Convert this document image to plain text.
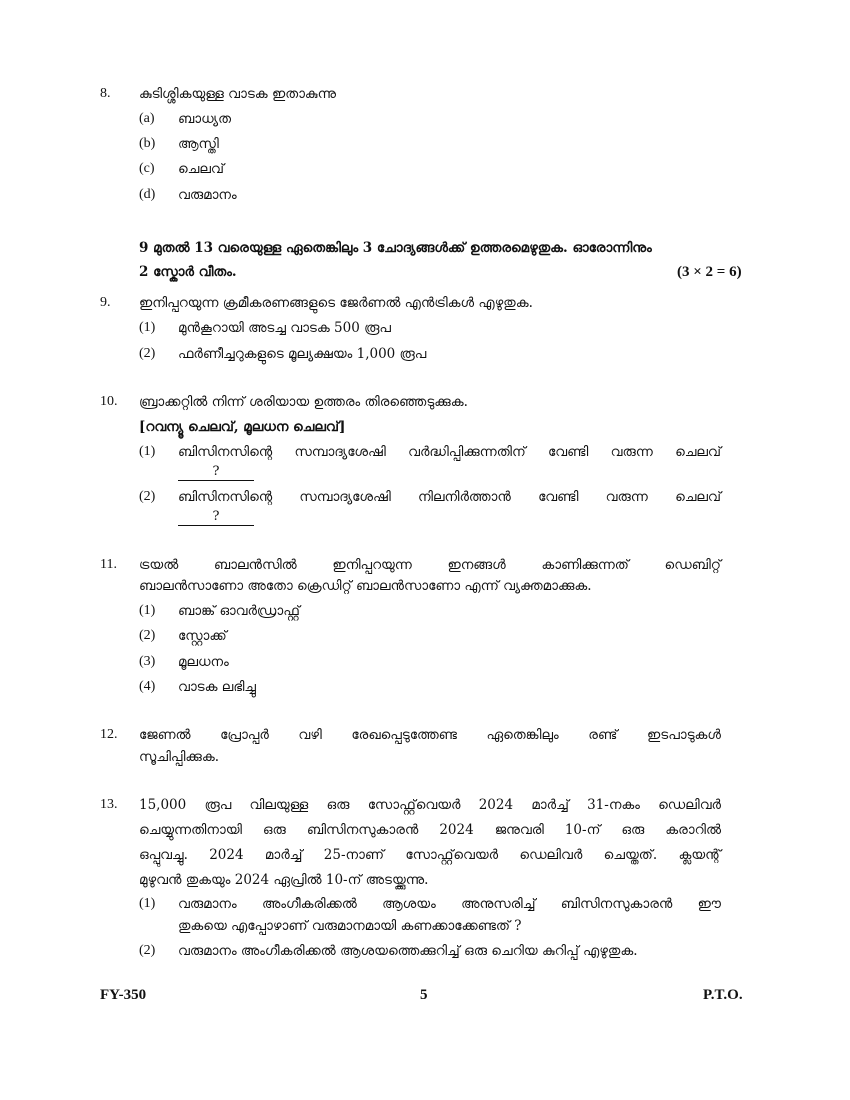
8. കുടിശ്ശികയുള്ള വാടക ഇതാകുന്നു
(a) ബാധ്യത
(b) ആസ്തി
(c) ചെലവ്
(d) വരുമാനം
9 മുതൽ 13 വരെയുള്ള ഏതെങ്കിലും 3 ചോദ്യങ്ങൾക്ക് ഉത്തരമെഴുതുക. ഓരോന്നിനും
2 സ്കോർ വീതം.	(3 × 2 = 6)
9. ഇനിപ്പറയുന്ന ക്രമീകരണങ്ങളുടെ ജേർണൽ എൻട്രികൾ എഴുതുക.
(1) മുൻകൂറായി അടച്ച വാടക 500 രൂപ
(2) ഫർണീച്ചറുകളുടെ മൂല്യക്ഷയം 1,000 രൂപ
10. ബ്രാക്കറ്റിൽ നിന്ന് ശരിയായ ഉത്തരം തിരഞ്ഞെടുക്കുക.
[റവന്യൂ ചെലവ്, മൂലധന ചെലവ്]
(1) ബിസിനസിന്റെ സമ്പാദ്യശേഷി വർദ്ധിപ്പിക്കുന്നതിന് വേണ്ടി വരുന്ന ചെലവ്
?
(2) ബിസിനസിന്റെ സമ്പാദ്യശേഷി നിലനിർത്താൻ വേണ്ടി വരുന്ന ചെലവ്
?
11. ട്രയൽ ബാലൻസിൽ ഇനിപ്പറയുന്ന ഇനങ്ങൾ കാണിക്കുന്നത് ഡെബിറ്റ്
ബാലൻസാണോ അതോ ക്രെഡിറ്റ് ബാലൻസാണോ എന്ന് വ്യക്തമാക്കുക.
(1) ബാങ്ക് ഓവർഡ്രാഫ്റ്റ്
(2) സ്റ്റോക്ക്
(3) മൂലധനം
(4) വാടക ലഭിച്ചു
12. ജേണൽ പ്രോപ്പർ വഴി രേഖപ്പെടുത്തേണ്ട ഏതെങ്കിലും രണ്ട് ഇടപാടുകൾ
സൂചിപ്പിക്കുക.
13. 15,000 രൂപ വിലയുള്ള ഒരു സോഫ്റ്റ്‌വെയർ 2024 മാർച്ച് 31-നകം ഡെലിവർ
ചെയ്യുന്നതിനായി ഒരു ബിസിനസുകാരൻ 2024 ജനുവരി 10-ന് ഒരു കരാറിൽ
ഒപ്പുവച്ചു. 2024 മാർച്ച് 25-നാണ് സോഫ്റ്റ്‌വെയർ ഡെലിവർ ചെയ്തത്. ക്ലയന്റ്
മുഴുവൻ തുകയും 2024 ഏപ്രിൽ 10-ന് അടയ്ക്കുന്നു.
(1) വരുമാനം അംഗീകരിക്കൽ ആശയം അനുസരിച്ച് ബിസിനസുകാരൻ ഈ
തുകയെ എപ്പോഴാണ് വരുമാനമായി കണക്കാക്കേണ്ടത് ?
(2) വരുമാനം അംഗീകരിക്കൽ ആശയത്തെക്കുറിച്ച് ഒരു ചെറിയ കുറിപ്പ് എഴുതുക.
FY-350	5	P.T.O.
